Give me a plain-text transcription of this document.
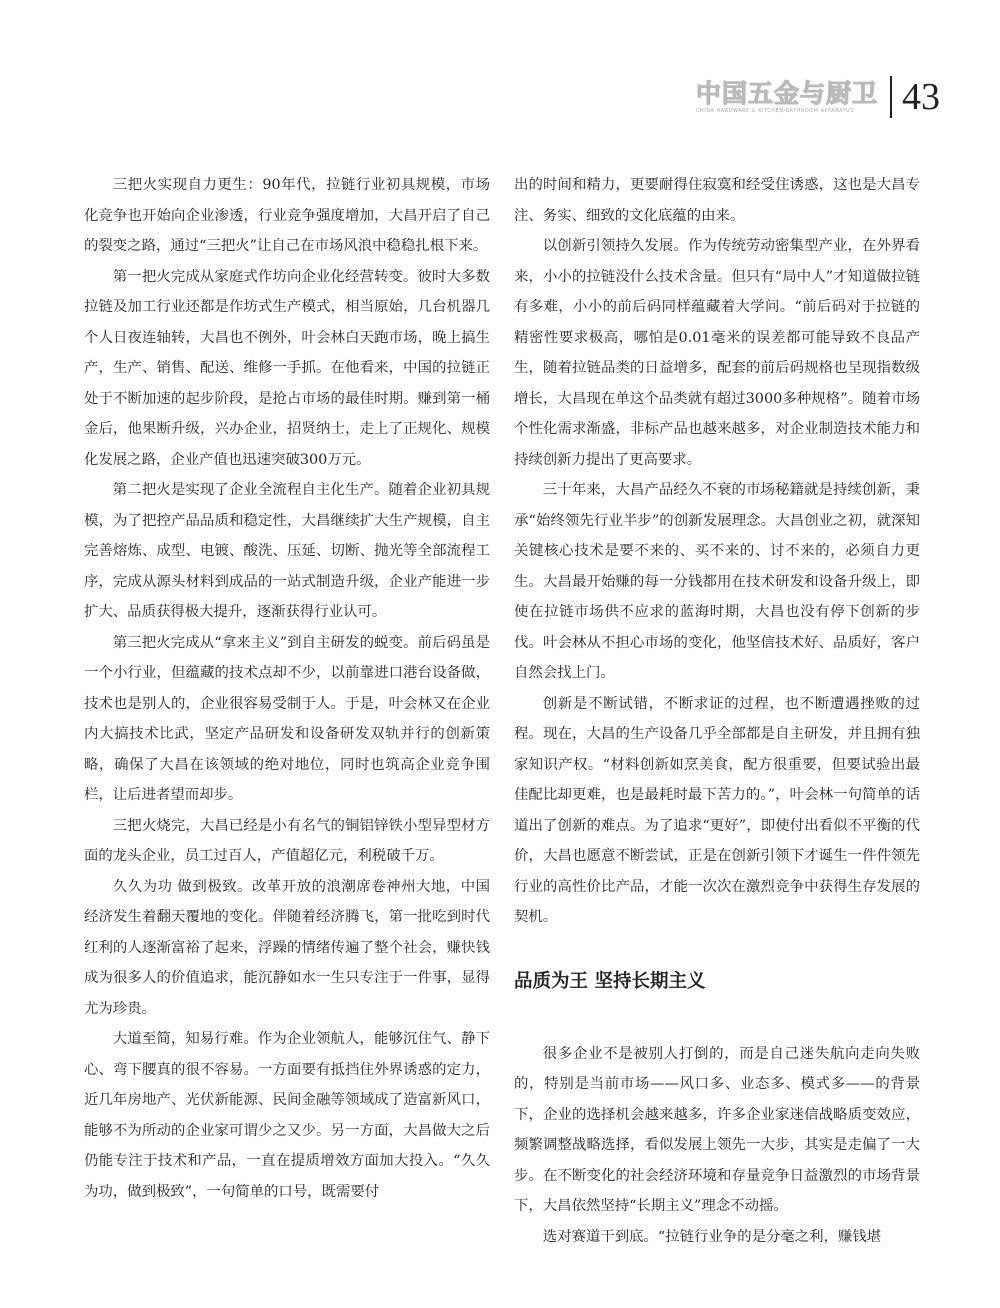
中国五金与厨卫
CHINA HARDWARE & KITCHEN/BATHROOM APPARATUS 43

三把火实现自力更生：90年代，拉链行业初具规模，市场化竞争也开始向企业渗透，行业竞争强度增加，大昌开启了自己的裂变之路，通过“三把火”让自己在市场风浪中稳稳扎根下来。

第一把火完成从家庭式作坊向企业化经营转变。彼时大多数拉链及加工行业还都是作坊式生产模式，相当原始，几台机器几个人日夜连轴转，大昌也不例外，叶会林白天跑市场，晚上搞生产，生产、销售、配送、维修一手抓。在他看来，中国的拉链正处于不断加速的起步阶段，是抢占市场的最佳时期。赚到第一桶金后，他果断升级，兴办企业，招贤纳士，走上了正规化、规模化发展之路，企业产值也迅速突破300万元。

第二把火是实现了企业全流程自主化生产。随着企业初具规模，为了把控产品品质和稳定性，大昌继续扩大生产规模，自主完善熔炼、成型、电镀、酸洗、压延、切断、抛光等全部流程工序，完成从源头材料到成品的一站式制造升级，企业产能进一步扩大、品质获得极大提升，逐渐获得行业认可。

第三把火完成从“拿来主义”到自主研发的蜕变。前后码虽是一个小行业，但蕴藏的技术点却不少，以前靠进口港台设备做，技术也是别人的，企业很容易受制于人。于是，叶会林又在企业内大搞技术比武，坚定产品研发和设备研发双轨并行的创新策略，确保了大昌在该领域的绝对地位，同时也筑高企业竞争围栏，让后进者望而却步。

三把火烧完，大昌已经是小有名气的铜铝锌铁小型异型材方面的龙头企业，员工过百人，产值超亿元，利税破千万。

久久为功 做到极致。改革开放的浪潮席卷神州大地，中国经济发生着翻天覆地的变化。伴随着经济腾飞，第一批吃到时代红利的人逐渐富裕了起来，浮躁的情绪传遍了整个社会，赚快钱成为很多人的价值追求，能沉静如水一生只专注于一件事，显得尤为珍贵。

大道至简，知易行难。作为企业领航人，能够沉住气、静下心、弯下腰真的很不容易。一方面要有抵挡住外界诱惑的定力，近几年房地产、光伏新能源、民间金融等领域成了造富新风口，能够不为所动的企业家可谓少之又少。另一方面，大昌做大之后仍能专注于技术和产品，一直在提质增效方面加大投入。“久久为功，做到极致”，一句简单的口号，既需要付

出的时间和精力，更要耐得住寂寞和经受住诱惑，这也是大昌专注、务实、细致的文化底蕴的由来。

以创新引领持久发展。作为传统劳动密集型产业，在外界看来，小小的拉链没什么技术含量。但只有“局中人”才知道做拉链有多难，小小的前后码同样蕴藏着大学问。“前后码对于拉链的精密性要求极高，哪怕是0.01毫米的误差都可能导致不良品产生，随着拉链品类的日益增多，配套的前后码规格也呈现指数级增长，大昌现在单这个品类就有超过3000多种规格”。随着市场个性化需求渐盛，非标产品也越来越多，对企业制造技术能力和持续创新力提出了更高要求。

三十年来，大昌产品经久不衰的市场秘籍就是持续创新，秉承“始终领先行业半步”的创新发展理念。大昌创业之初，就深知关键核心技术是要不来的、买不来的、讨不来的，必须自力更生。大昌最开始赚的每一分钱都用在技术研发和设备升级上，即使在拉链市场供不应求的蓝海时期，大昌也没有停下创新的步伐。叶会林从不担心市场的变化，他坚信技术好、品质好，客户自然会找上门。

创新是不断试错，不断求证的过程，也不断遭遇挫败的过程。现在，大昌的生产设备几乎全部都是自主研发，并且拥有独家知识产权。“材料创新如烹美食，配方很重要，但要试验出最佳配比却更难，也是最耗时最下苦力的。”，叶会林一句简单的话道出了创新的难点。为了追求“更好”，即使付出看似不平衡的代价，大昌也愿意不断尝试，正是在创新引领下才诞生一件件领先行业的高性价比产品，才能一次次在激烈竞争中获得生存发展的契机。

品质为王 坚持长期主义

很多企业不是被别人打倒的，而是自己迷失航向走向失败的，特别是当前市场——风口多、业态多、模式多——的背景下，企业的选择机会越来越多，许多企业家迷信战略质变效应，频繁调整战略选择，看似发展上领先一大步，其实是走偏了一大步。在不断变化的社会经济环境和存量竞争日益激烈的市场背景下，大昌依然坚持“长期主义”理念不动摇。

选对赛道干到底。“拉链行业争的是分毫之利，赚钱堪
